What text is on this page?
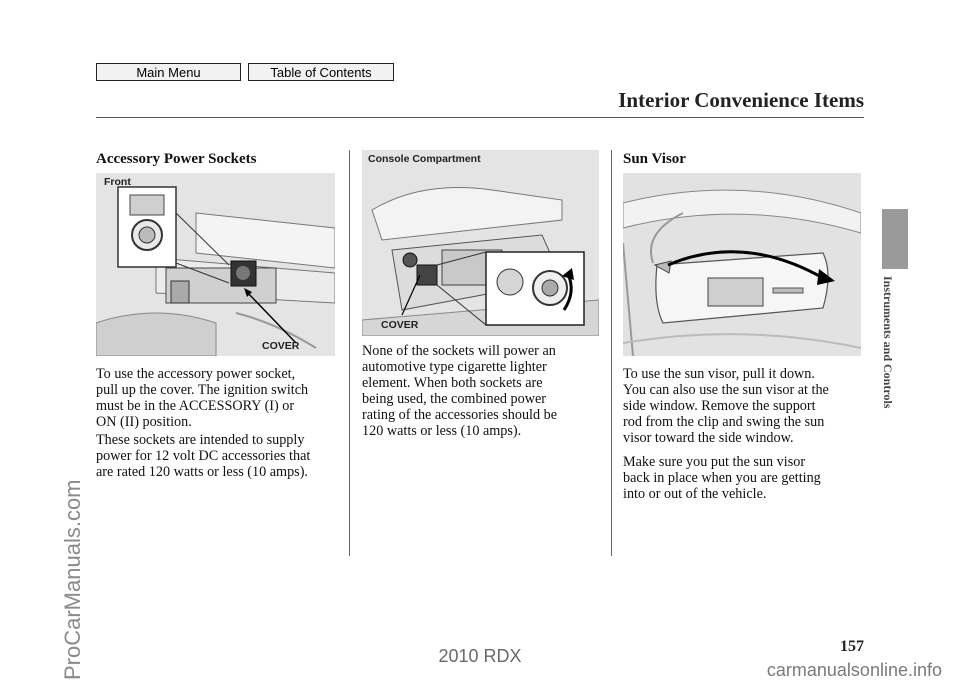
Main Menu	Table of Contents
Interior Convenience Items
Accessory Power Sockets
Front
COVER

To use the accessory power socket,
pull up the cover. The ignition switch
must be in the ACCESSORY (I) or
ON (II) position.

These sockets are intended to supply
power for 12 volt DC accessories that
are rated 120 watts or less (10 amps).

Console Compartment
COVER

None of the sockets will power an
automotive type cigarette lighter
element. When both sockets are
being used, the combined power
rating of the accessories should be
120 watts or less (10 amps).

Sun Visor

To use the sun visor, pull it down.
You can also use the sun visor at the
side window. Remove the support
rod from the clip and swing the sun
visor toward the side window.

Make sure you put the sun visor
back in place when you are getting
into or out of the vehicle.

Instruments and Controls
ProCarManuals.com	157
2010 RDX
carmanualsonline.info
